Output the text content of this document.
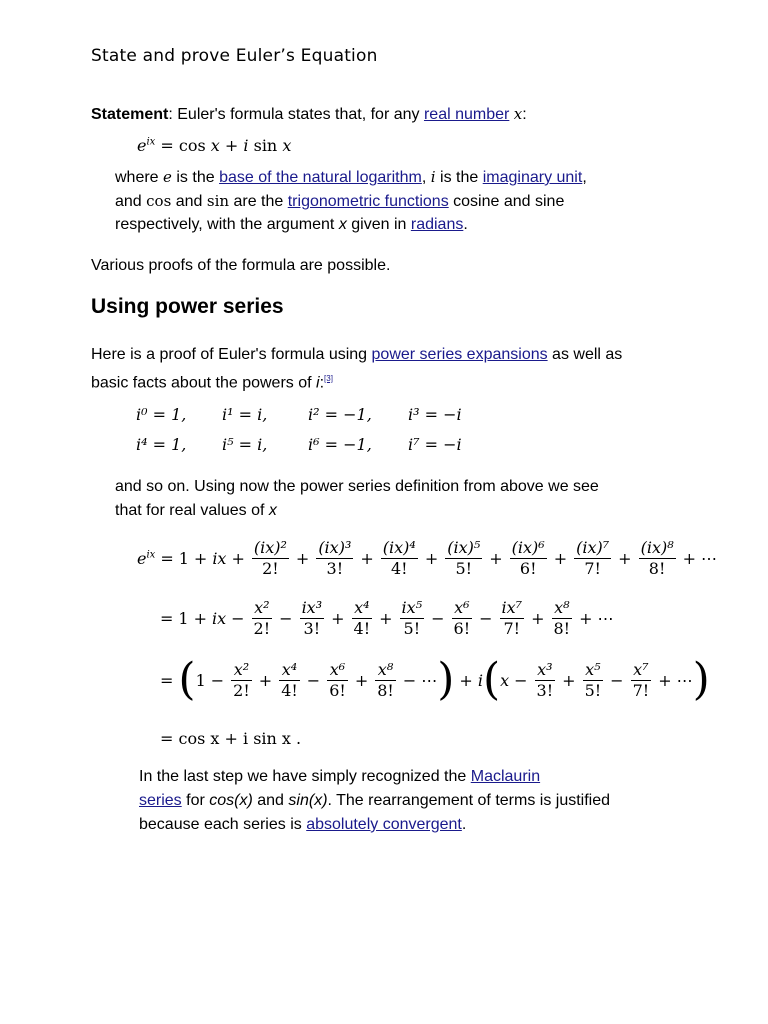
State and prove Euler’s Equation
Statement: Euler's formula states that, for any real number x:
$e^{ix} = \cos x + i$ sin x
where e is the base of the natural logarithm, i is the imaginary unit,
and cos and sin are the trigonometric functions cosine and sine
respectively, with the argument x given in radians.
Various proofs of the formula are possible.
Using power series
Here is a proof of Euler's formula using power series expansions as well as
basic facts about the powers of i:[3]
i⁰ = 1, i¹ = i,	i² = −1, i³ = −i
i⁴ = 1, i⁵ = i,	i⁶ = −1, i⁷ = −i
and so on. Using now the power series definition from above we see
that for real values of x
$e^{ix} = 1$ + ix + $\frac{\text{(ix)²}}{2!} + \frac{\text{(ix)³}}{3!} + \frac{\text{(ix)⁴}}{4!} + \frac{\text{(ix)⁵}}{5!} + \frac{\text{(ix)⁶}}{6!} + \frac{\text{(ix)⁷}}{7!} + \frac{\text{(ix)⁸}}{8!}$ + ⋯
= 1 + ix − $\frac{\text{x²}}{2!} - \frac{\text{ix³}}{3!} + \frac{\text{x⁴}}{4!} + \frac{\text{ix⁵}}{5!} - \frac{\text{x⁶}}{6!} - \frac{\text{ix⁷}}{7!} + \frac{\text{x⁸}}{8!}$ + ⋯
= ( $1 - \frac{\text{x²}}{2!} + \frac{\text{x⁴}}{4!} - \frac{\text{x⁶}}{6!} + \frac{\text{x⁸}}{8!}$ − ⋯ ) + i ( $x - \frac{\text{x³}}{3!} + \frac{\text{x⁵}}{5!} - \frac{\text{x⁷}}{7!}$ + ⋯ )
= cos x + i sin x .
In the last step we have simply recognized the Maclaurin
series for cos(x) and sin(x). The rearrangement of terms is justified
because each series is absolutely convergent.
